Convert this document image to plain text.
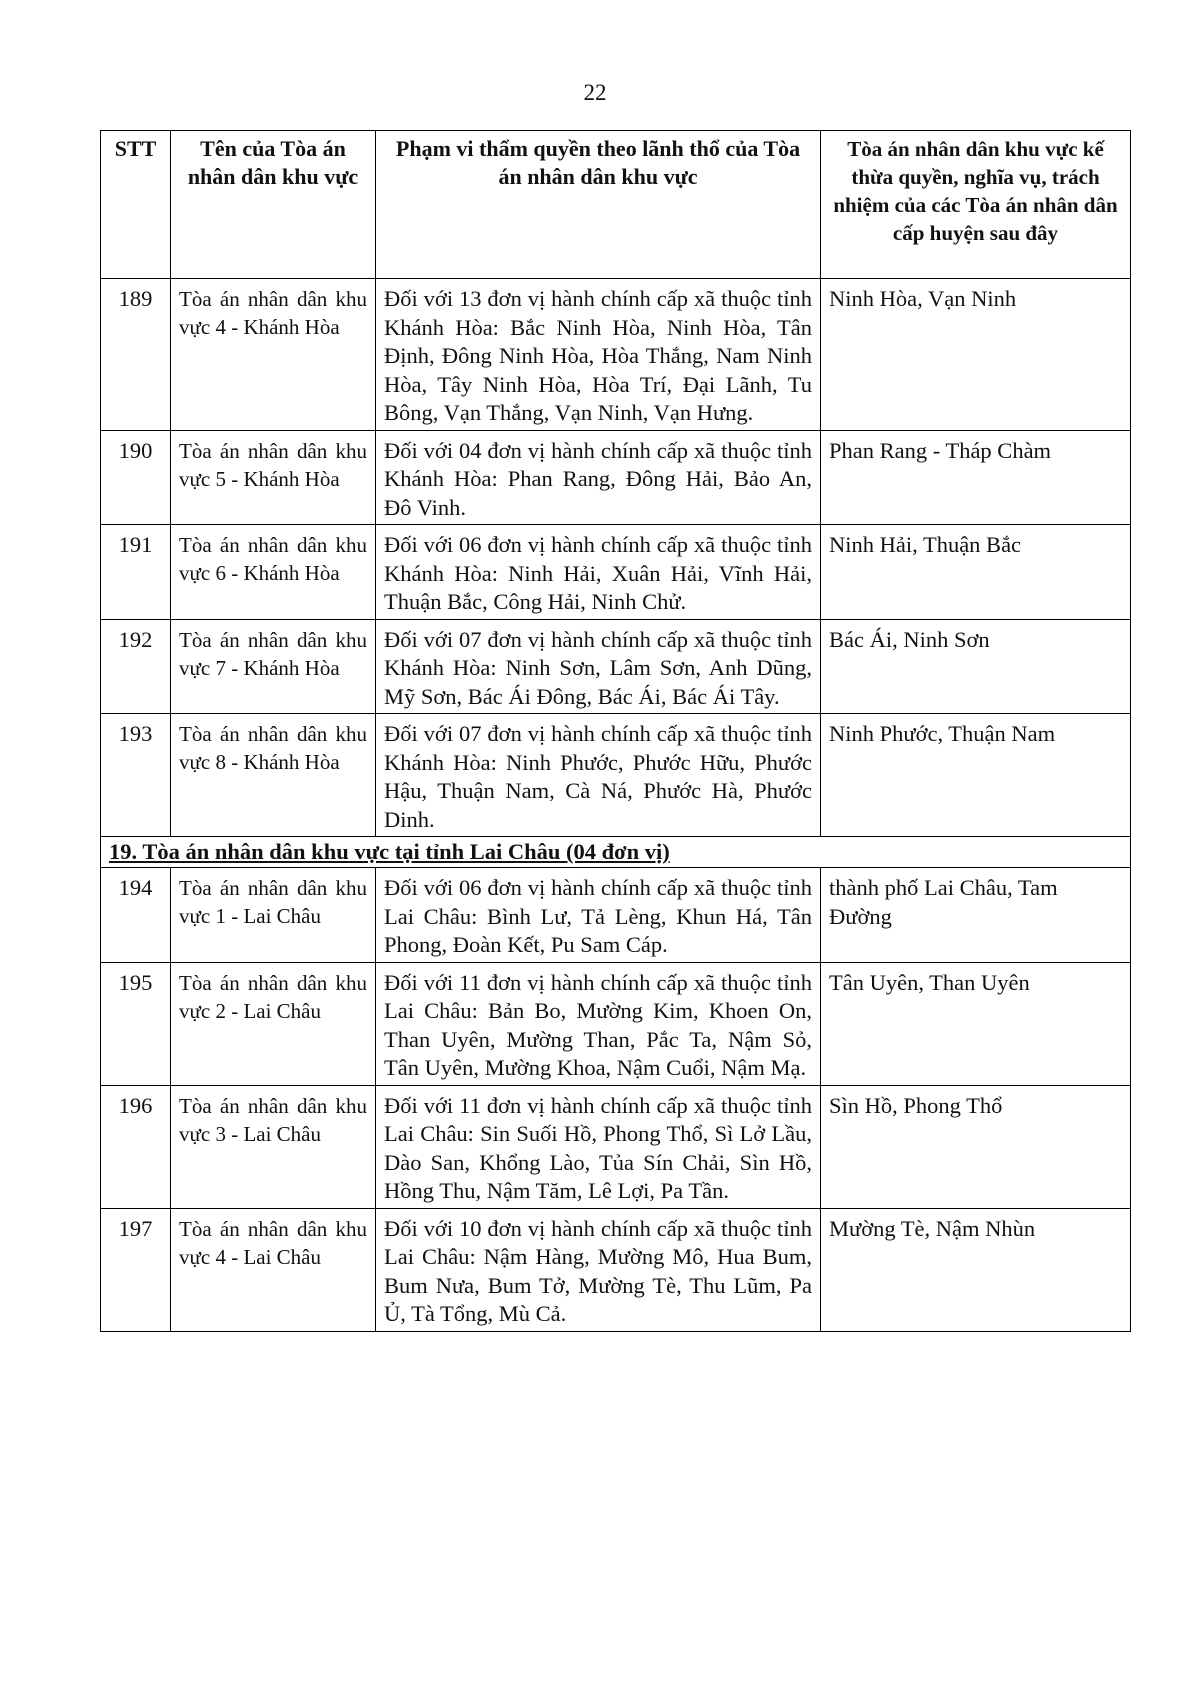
22
STT	Tên của Tòa án nhân dân khu vực	Phạm vi thẩm quyền theo lãnh thổ của Tòa án nhân dân khu vực	Tòa án nhân dân khu vực kế thừa quyền, nghĩa vụ, trách nhiệm của các Tòa án nhân dân cấp huyện sau đây
189	Tòa án nhân dân khu vực 4 - Khánh Hòa	Đối với 13 đơn vị hành chính cấp xã thuộc tỉnh Khánh Hòa: Bắc Ninh Hòa, Ninh Hòa, Tân Định, Đông Ninh Hòa, Hòa Thắng, Nam Ninh Hòa, Tây Ninh Hòa, Hòa Trí, Đại Lãnh, Tu Bông, Vạn Thắng, Vạn Ninh, Vạn Hưng.	Ninh Hòa, Vạn Ninh
190	Tòa án nhân dân khu vực 5 - Khánh Hòa	Đối với 04 đơn vị hành chính cấp xã thuộc tỉnh Khánh Hòa: Phan Rang, Đông Hải, Bảo An, Đô Vinh.	Phan Rang - Tháp Chàm
191	Tòa án nhân dân khu vực 6 - Khánh Hòa	Đối với 06 đơn vị hành chính cấp xã thuộc tỉnh Khánh Hòa: Ninh Hải, Xuân Hải, Vĩnh Hải, Thuận Bắc, Công Hải, Ninh Chử.	Ninh Hải, Thuận Bắc
192	Tòa án nhân dân khu vực 7 - Khánh Hòa	Đối với 07 đơn vị hành chính cấp xã thuộc tỉnh Khánh Hòa: Ninh Sơn, Lâm Sơn, Anh Dũng, Mỹ Sơn, Bác Ái Đông, Bác Ái, Bác Ái Tây.	Bác Ái, Ninh Sơn
193	Tòa án nhân dân khu vực 8 - Khánh Hòa	Đối với 07 đơn vị hành chính cấp xã thuộc tỉnh Khánh Hòa: Ninh Phước, Phước Hữu, Phước Hậu, Thuận Nam, Cà Ná, Phước Hà, Phước Dinh.	Ninh Phước, Thuận Nam
19. Tòa án nhân dân khu vực tại tỉnh Lai Châu (04 đơn vị)			
194	Tòa án nhân dân khu vực 1 - Lai Châu	Đối với 06 đơn vị hành chính cấp xã thuộc tỉnh Lai Châu: Bình Lư, Tả Lèng, Khun Há, Tân Phong, Đoàn Kết, Pu Sam Cáp.	thành phố Lai Châu, Tam Đường
195	Tòa án nhân dân khu vực 2 - Lai Châu	Đối với 11 đơn vị hành chính cấp xã thuộc tỉnh Lai Châu: Bản Bo, Mường Kim, Khoen On, Than Uyên, Mường Than, Pắc Ta, Nậm Sỏ, Tân Uyên, Mường Khoa, Nậm Cuổi, Nậm Mạ.	Tân Uyên, Than Uyên
196	Tòa án nhân dân khu vực 3 - Lai Châu	Đối với 11 đơn vị hành chính cấp xã thuộc tỉnh Lai Châu: Sin Suối Hồ, Phong Thổ, Sì Lở Lầu, Dào San, Khổng Lào, Tủa Sín Chải, Sìn Hồ, Hồng Thu, Nậm Tăm, Lê Lợi, Pa Tần.	Sìn Hồ, Phong Thổ
197	Tòa án nhân dân khu vực 4 - Lai Châu	Đối với 10 đơn vị hành chính cấp xã thuộc tỉnh Lai Châu: Nậm Hàng, Mường Mô, Hua Bum, Bum Nưa, Bum Tở, Mường Tè, Thu Lũm, Pa Ủ, Tà Tổng, Mù Cả.	Mường Tè, Nậm Nhùn
